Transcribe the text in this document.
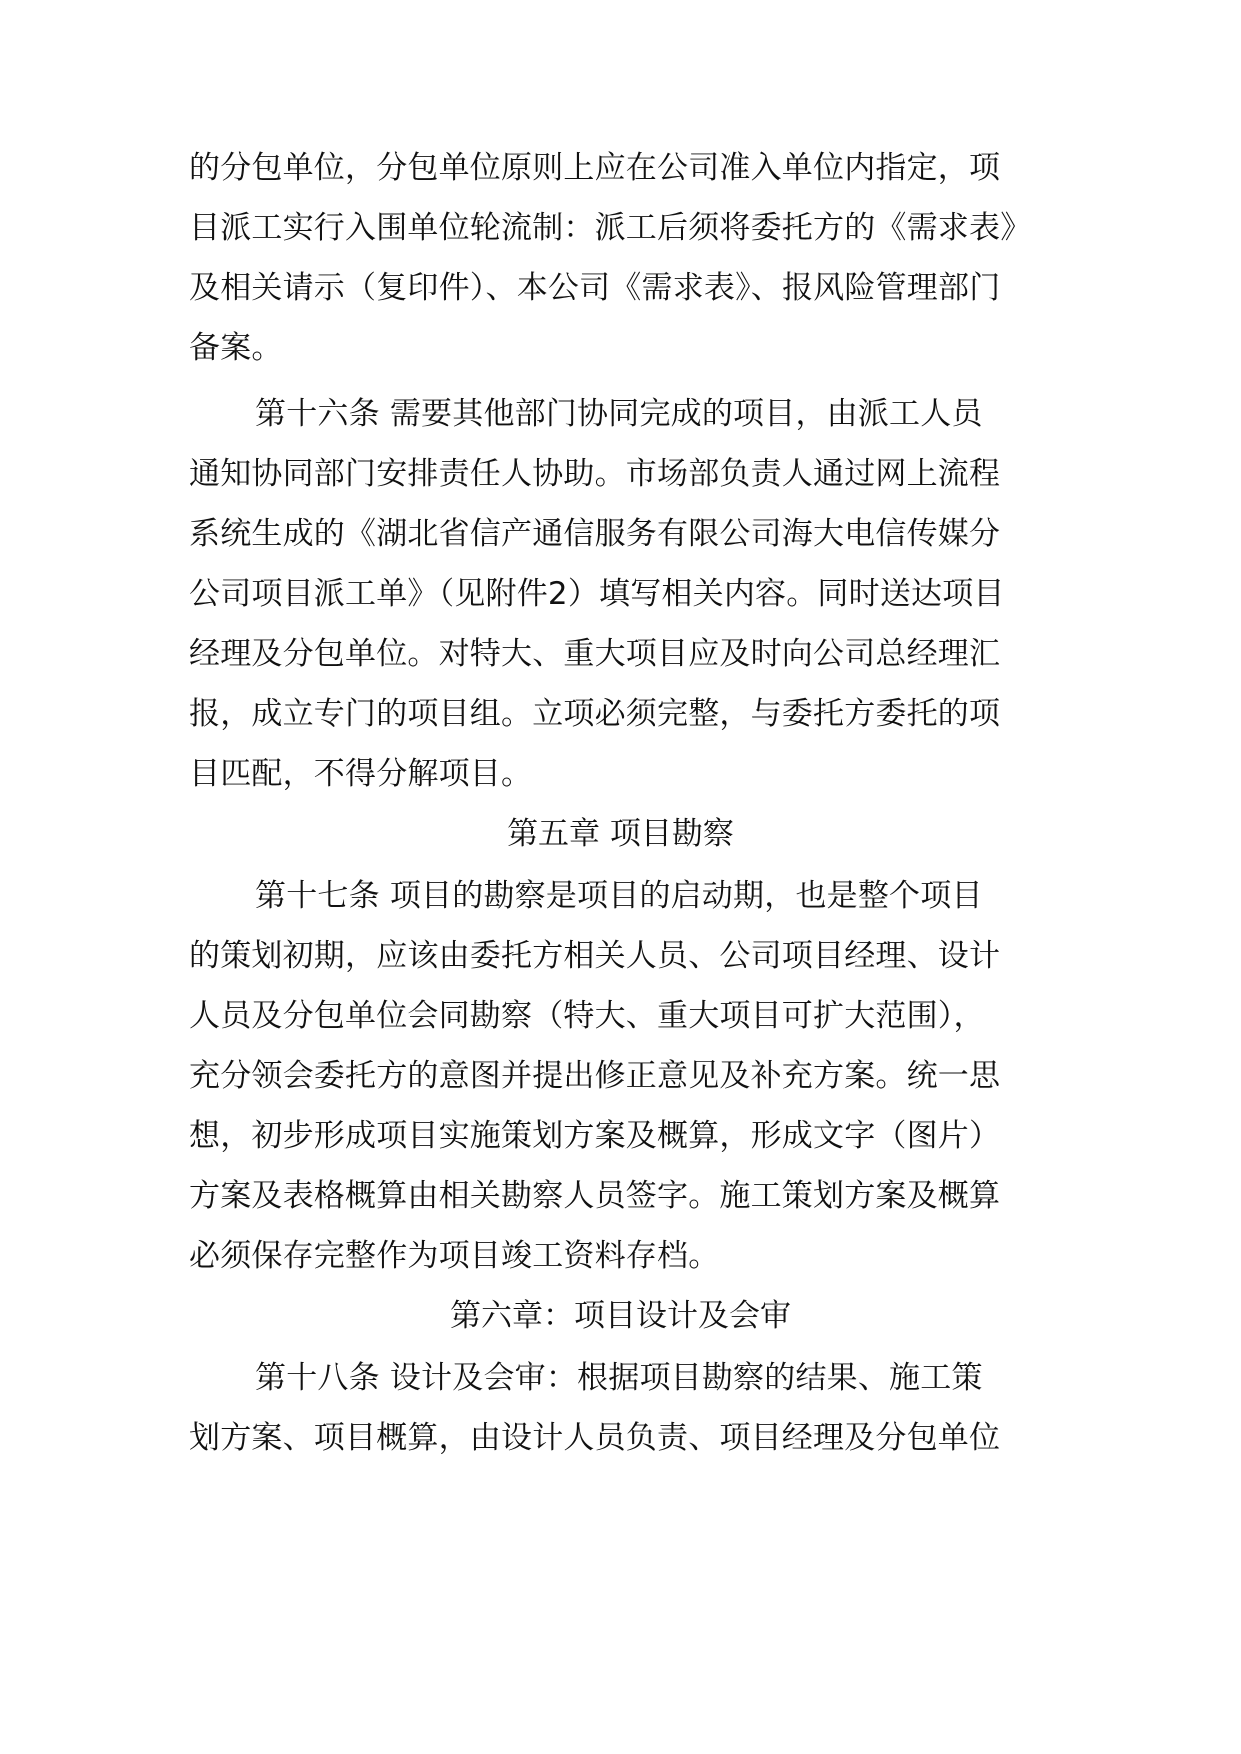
的分包单位，分包单位原则上应在公司准入单位内指定，项
目派工实行入围单位轮流制：派工后须将委托方的《需求表》
及相关请示（复印件）、本公司《需求表》、报风险管理部门
备案。
第十六条 需要其他部门协同完成的项目，由派工人员
通知协同部门安排责任人协助。市场部负责人通过网上流程
系统生成的《湖北省信产通信服务有限公司海大电信传媒分
公司项目派工单》（见附件2）填写相关内容。同时送达项目
经理及分包单位。对特大、重大项目应及时向公司总经理汇
报，成立专门的项目组。立项必须完整，与委托方委托的项
目匹配，不得分解项目。
第五章 项目勘察
第十七条 项目的勘察是项目的启动期，也是整个项目
的策划初期，应该由委托方相关人员、公司项目经理、设计
人员及分包单位会同勘察（特大、重大项目可扩大范围），
充分领会委托方的意图并提出修正意见及补充方案。统一思
想，初步形成项目实施策划方案及概算，形成文字（图片）
方案及表格概算由相关勘察人员签字。施工策划方案及概算
必须保存完整作为项目竣工资料存档。
第六章：项目设计及会审
第十八条 设计及会审：根据项目勘察的结果、施工策
划方案、项目概算，由设计人员负责、项目经理及分包单位
